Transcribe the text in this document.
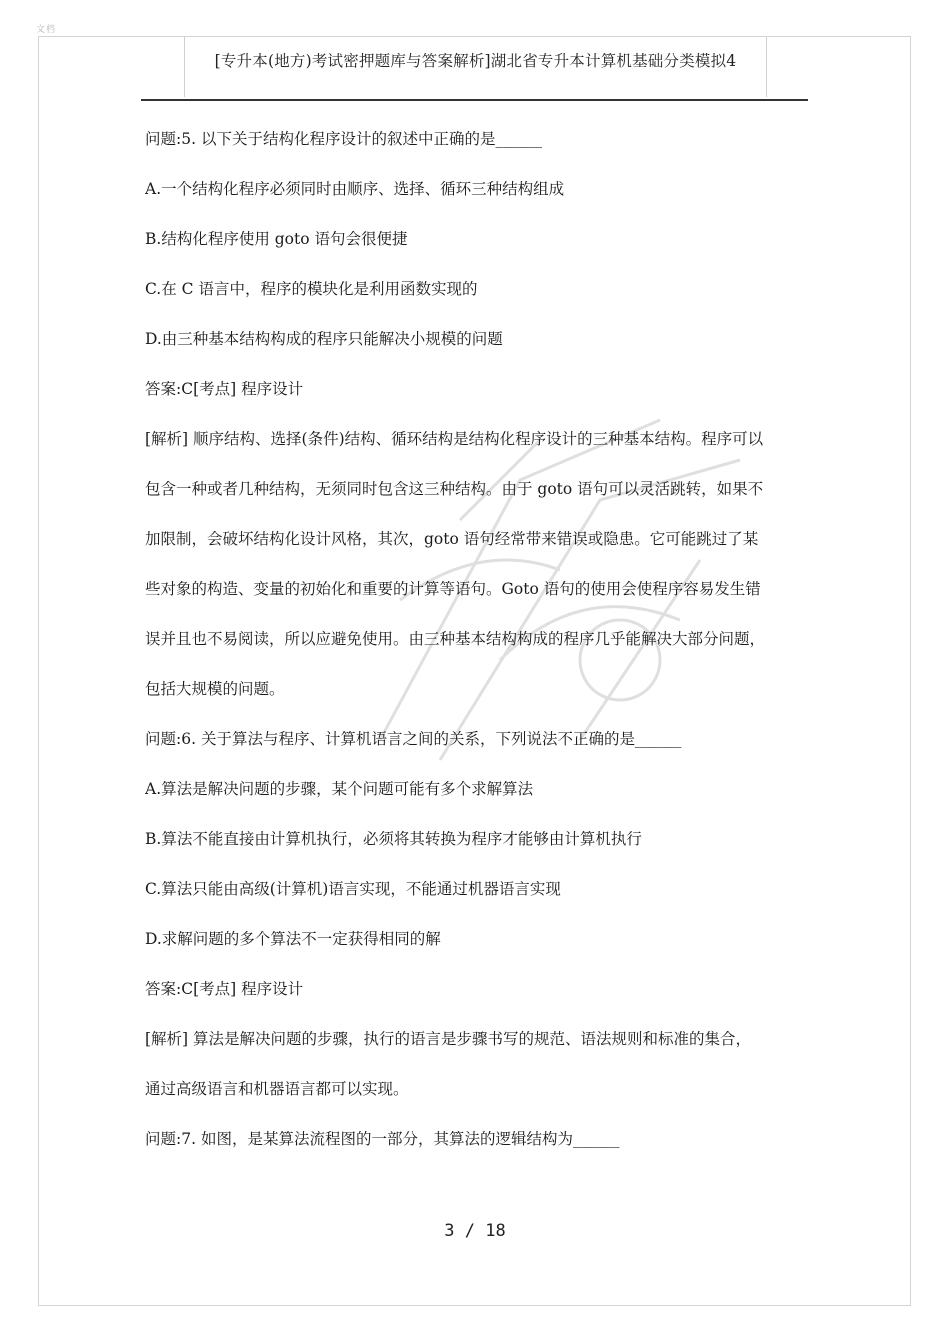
文档
[专升本(地方)考试密押题库与答案解析]湖北省专升本计算机基础分类模拟4
问题:5. 以下关于结构化程序设计的叙述中正确的是______
A.一个结构化程序必须同时由顺序、选择、循环三种结构组成
B.结构化程序使用 goto 语句会很便捷
C.在 C 语言中，程序的模块化是利用函数实现的
D.由三种基本结构构成的程序只能解决小规模的问题
答案:C[考点] 程序设计
[解析] 顺序结构、选择(条件)结构、循环结构是结构化程序设计的三种基本结构。程序可以
包含一种或者几种结构，无须同时包含这三种结构。由于 goto 语句可以灵活跳转，如果不
加限制，会破坏结构化设计风格，其次，goto 语句经常带来错误或隐患。它可能跳过了某
些对象的构造、变量的初始化和重要的计算等语句。Goto 语句的使用会使程序容易发生错
误并且也不易阅读，所以应避免使用。由三种基本结构构成的程序几乎能解决大部分问题，
包括大规模的问题。
问题:6. 关于算法与程序、计算机语言之间的关系，下列说法不正确的是______
A.算法是解决问题的步骤，某个问题可能有多个求解算法
B.算法不能直接由计算机执行，必须将其转换为程序才能够由计算机执行
C.算法只能由高级(计算机)语言实现，不能通过机器语言实现
D.求解问题的多个算法不一定获得相同的解
答案:C[考点] 程序设计
[解析] 算法是解决问题的步骤，执行的语言是步骤书写的规范、语法规则和标准的集合，
通过高级语言和机器语言都可以实现。
问题:7. 如图，是某算法流程图的一部分，其算法的逻辑结构为______
3 / 18
